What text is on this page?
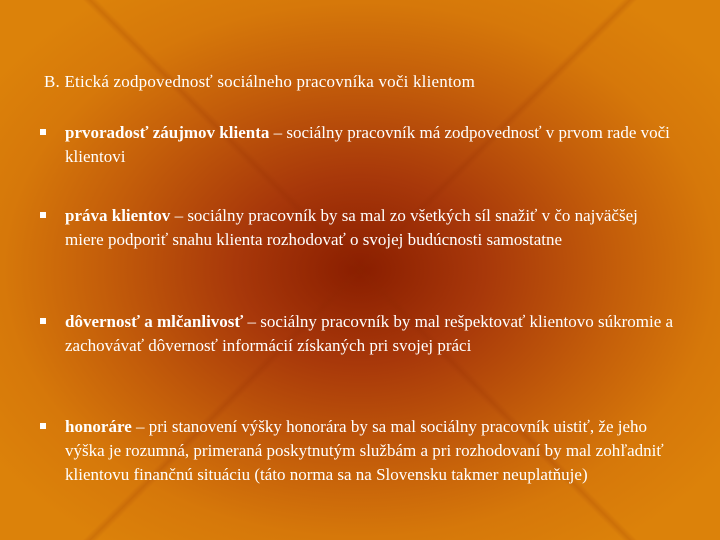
B. Etická zodpovednosť sociálneho pracovníka voči klientom
prvoradosť záujmov klienta – sociálny pracovník má zodpovednosť v prvom rade voči klientovi
práva klientov – sociálny pracovník by sa mal zo všetkých síl snažiť v čo najväčšej miere podporiť snahu klienta rozhodovať o svojej budúcnosti samostatne
dôvernosť a mlčanlivosť – sociálny pracovník by mal rešpektovať klientovo súkromie a zachovávať dôvernosť informácií získaných pri svojej práci
honoráre – pri stanovení výšky honorára by sa mal sociálny pracovník uistiť, že jeho výška je rozumná, primeraná poskytnutým službám a pri rozhodovaní by mal zohľadniť klientovu finančnú situáciu (táto norma sa na Slovensku takmer neuplatňuje)
